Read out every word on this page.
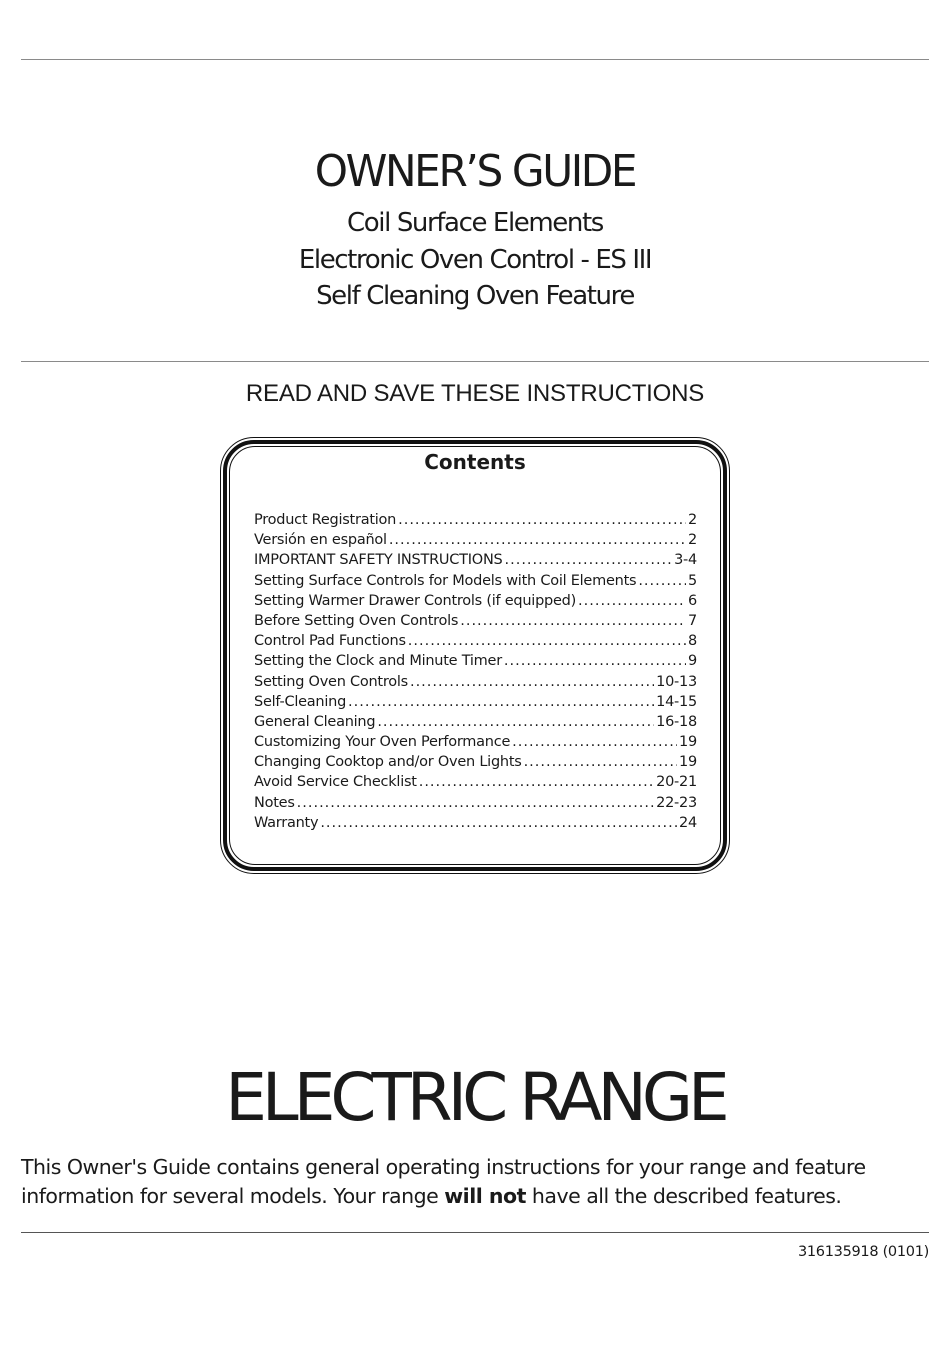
OWNER’S GUIDE
Coil Surface Elements
Electronic Oven Control - ES III
Self Cleaning Oven Feature
READ AND SAVE THESE INSTRUCTIONS
Contents
Product Registration .....	2
Versión en español .....	2
IMPORTANT SAFETY INSTRUCTIONS .....	3-4
Setting Surface Controls for Models with Coil Elements .....	5
Setting Warmer Drawer Controls (if equipped) .....	6
Before Setting Oven Controls .....	7
Control Pad Functions .....	8
Setting the Clock and Minute Timer .....	9
Setting Oven Controls .....	10-13
Self-Cleaning .....	14-15
General Cleaning .....	16-18
Customizing Your Oven Performance .....	19
Changing Cooktop and/or Oven Lights .....	19
Avoid Service Checklist .....	20-21
Notes .....	22-23
Warranty .....	24
ELECTRIC RANGE
This Owner's Guide contains general operating instructions for your range and feature information for several models. Your range will not have all the described features.
316135918 (0101)
